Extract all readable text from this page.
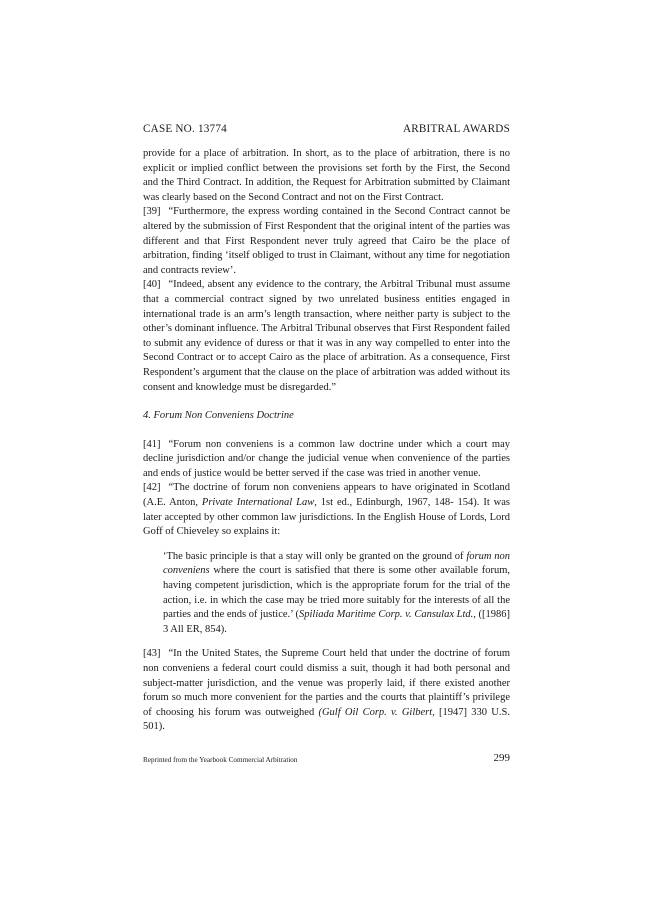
CASE NO. 13774	ARBITRAL AWARDS

provide for a place of arbitration. In short, as to the place of arbitration, there is no explicit or implied conflict between the provisions set forth by the First, the Second and the Third Contract. In addition, the Request for Arbitration submitted by Claimant was clearly based on the Second Contract and not on the First Contract.

[39] “Furthermore, the express wording contained in the Second Contract cannot be altered by the submission of First Respondent that the original intent of the parties was different and that First Respondent never truly agreed that Cairo be the place of arbitration, finding ‘itself obliged to trust in Claimant, without any time for negotiation and contracts review’.

[40] “Indeed, absent any evidence to the contrary, the Arbitral Tribunal must assume that a commercial contract signed by two unrelated business entities engaged in international trade is an arm’s length transaction, where neither party is subject to the other’s dominant influence. The Arbitral Tribunal observes that First Respondent failed to submit any evidence of duress or that it was in any way compelled to enter into the Second Contract or to accept Cairo as the place of arbitration. As a consequence, First Respondent’s argument that the clause on the place of arbitration was added without its consent and knowledge must be disregarded.”

4. Forum Non Conveniens Doctrine

[41] “Forum non conveniens is a common law doctrine under which a court may decline jurisdiction and/or change the judicial venue when convenience of the parties and ends of justice would be better served if the case was tried in another venue.

[42] “The doctrine of forum non conveniens appears to have originated in Scotland (A.E. Anton, Private International Law, 1st ed., Edinburgh, 1967, 148- 154). It was later accepted by other common law jurisdictions. In the English House of Lords, Lord Goff of Chieveley so explains it:

‘The basic principle is that a stay will only be granted on the ground of forum non conveniens where the court is satisfied that there is some other available forum, having competent jurisdiction, which is the appropriate forum for the trial of the action, i.e. in which the case may be tried more suitably for the interests of all the parties and the ends of justice.’ (Spiliada Maritime Corp. v. Cansulax Ltd., ([1986] 3 All ER, 854).

[43] “In the United States, the Supreme Court held that under the doctrine of forum non conveniens a federal court could dismiss a suit, though it had both personal and subject-matter jurisdiction, and the venue was properly laid, if there existed another forum so much more convenient for the parties and the courts that plaintiff’s privilege of choosing his forum was outweighed (Gulf Oil Corp. v. Gilbert, [1947] 330 U.S. 501).

Reprinted from the Yearbook Commercial Arbitration	299
